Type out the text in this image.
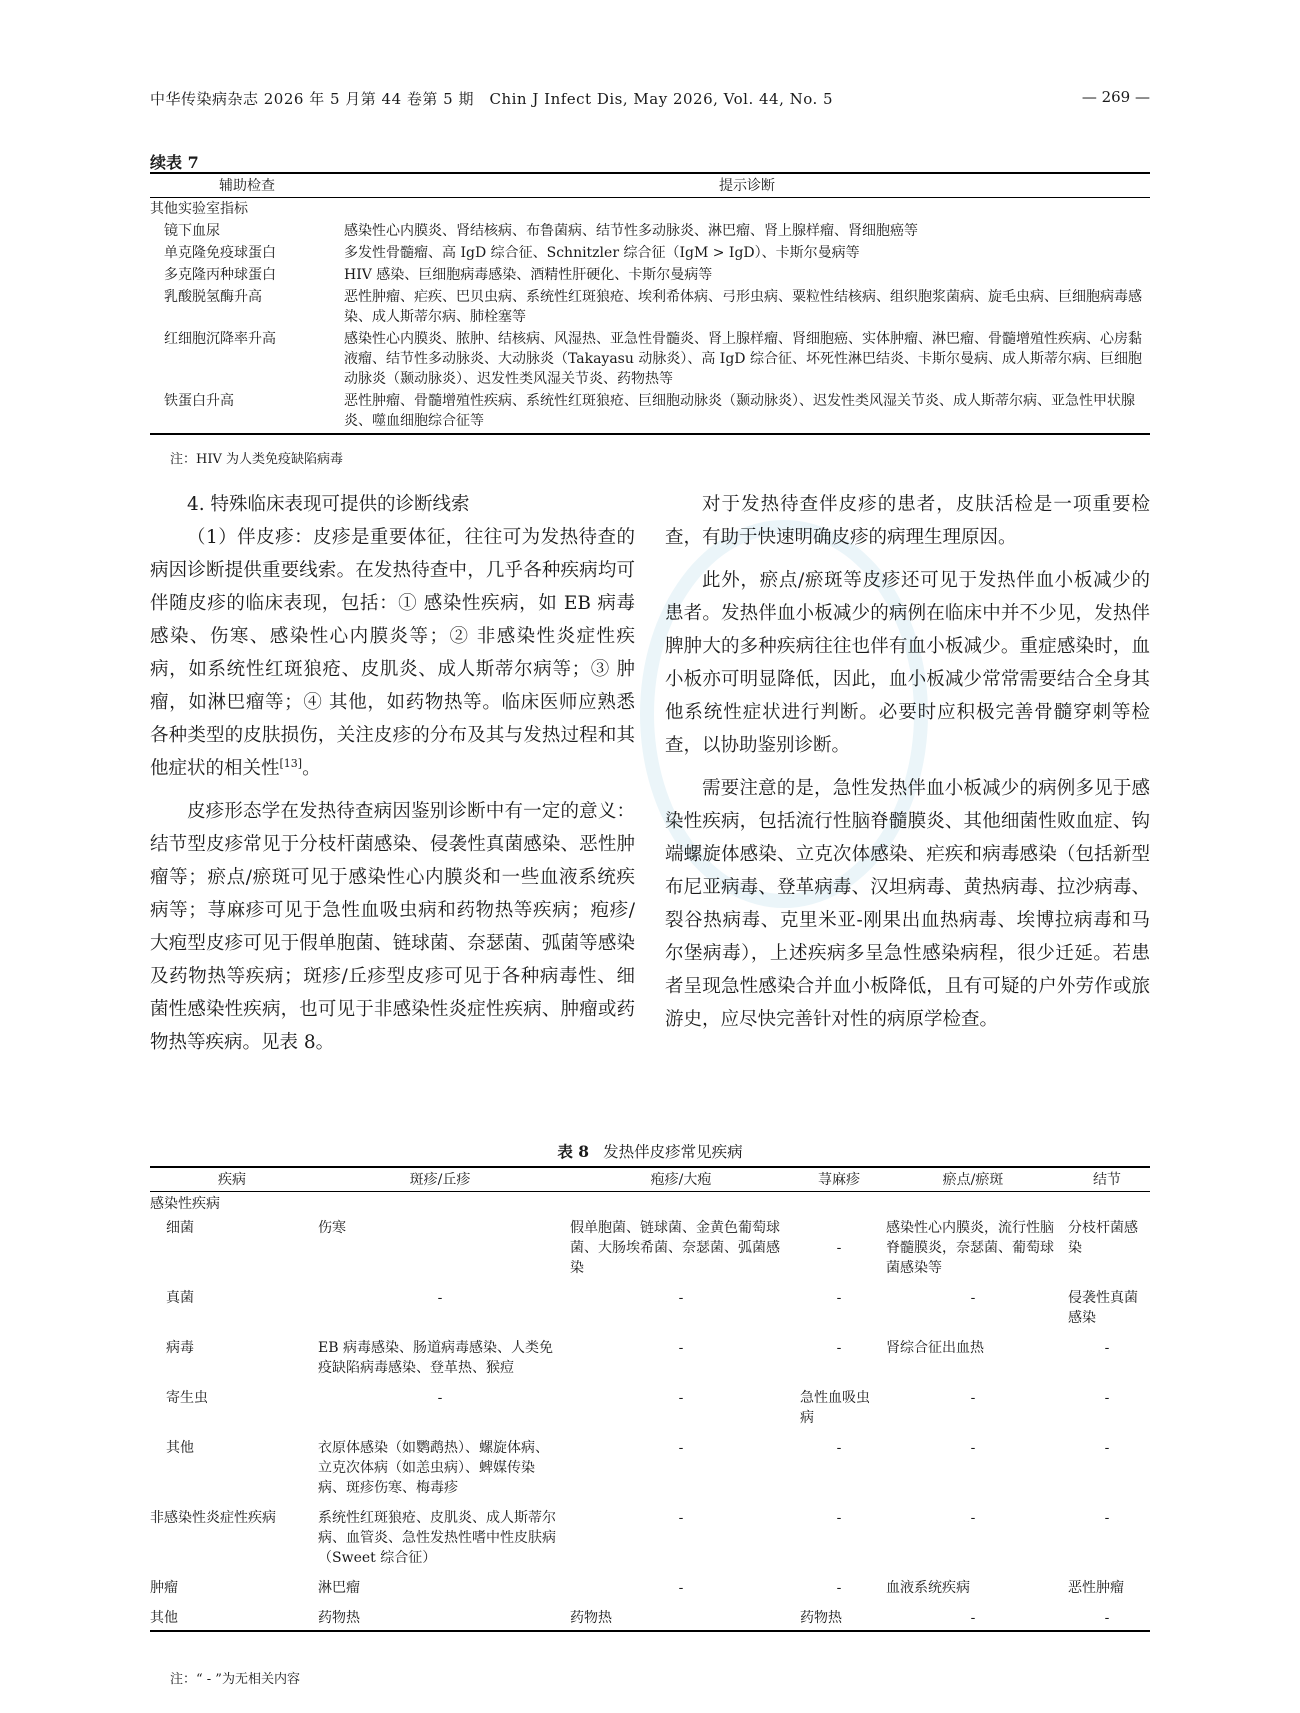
中华传染病杂志 2026 年 5 月第 44 卷第 5 期　Chin J Infect Dis, May 2026, Vol. 44, No. 5	— 269 —
续表 7
辅助检查	提示诊断
其他实验室指标	
镜下血尿	感染性心内膜炎、肾结核病、布鲁菌病、结节性多动脉炎、淋巴瘤、肾上腺样瘤、肾细胞癌等
单克隆免疫球蛋白	多发性骨髓瘤、高 IgD 综合征、Schnitzler 综合征（IgM > IgD）、卡斯尔曼病等
多克隆丙种球蛋白	HIV 感染、巨细胞病毒感染、酒精性肝硬化、卡斯尔曼病等
乳酸脱氢酶升高	恶性肿瘤、疟疾、巴贝虫病、系统性红斑狼疮、埃利希体病、弓形虫病、粟粒性结核病、组织胞浆菌病、旋毛虫病、巨细胞病毒感染、成人斯蒂尔病、肺栓塞等
红细胞沉降率升高	感染性心内膜炎、脓肿、结核病、风湿热、亚急性骨髓炎、肾上腺样瘤、肾细胞癌、实体肿瘤、淋巴瘤、骨髓增殖性疾病、心房黏液瘤、结节性多动脉炎、大动脉炎（Takayasu 动脉炎）、高 IgD 综合征、坏死性淋巴结炎、卡斯尔曼病、成人斯蒂尔病、巨细胞动脉炎（颞动脉炎）、迟发性类风湿关节炎、药物热等
铁蛋白升高	恶性肿瘤、骨髓增殖性疾病、系统性红斑狼疮、巨细胞动脉炎（颞动脉炎）、迟发性类风湿关节炎、成人斯蒂尔病、亚急性甲状腺炎、噬血细胞综合征等
注：HIV 为人类免疫缺陷病毒

4. 特殊临床表现可提供的诊断线索

（1）伴皮疹：皮疹是重要体征，往往可为发热待查的病因诊断提供重要线索。在发热待查中，几乎各种疾病均可伴随皮疹的临床表现，包括：① 感染性疾病，如 EB 病毒感染、伤寒、感染性心内膜炎等；② 非感染性炎症性疾病，如系统性红斑狼疮、皮肌炎、成人斯蒂尔病等；③ 肿瘤，如淋巴瘤等；④ 其他，如药物热等。临床医师应熟悉各种类型的皮肤损伤，关注皮疹的分布及其与发热过程和其他症状的相关性[13]。

皮疹形态学在发热待查病因鉴别诊断中有一定的意义：结节型皮疹常见于分枝杆菌感染、侵袭性真菌感染、恶性肿瘤等；瘀点/瘀斑可见于感染性心内膜炎和一些血液系统疾病等；荨麻疹可见于急性血吸虫病和药物热等疾病；疱疹/大疱型皮疹可见于假单胞菌、链球菌、奈瑟菌、弧菌等感染及药物热等疾病；斑疹/丘疹型皮疹可见于各种病毒性、细菌性感染性疾病，也可见于非感染性炎症性疾病、肿瘤或药物热等疾病。见表 8。

对于发热待查伴皮疹的患者，皮肤活检是一项重要检查，有助于快速明确皮疹的病理生理原因。

此外，瘀点/瘀斑等皮疹还可见于发热伴血小板减少的患者。发热伴血小板减少的病例在临床中并不少见，发热伴脾肿大的多种疾病往往也伴有血小板减少。重症感染时，血小板亦可明显降低，因此，血小板减少常常需要结合全身其他系统性症状进行判断。必要时应积极完善骨髓穿刺等检查，以协助鉴别诊断。

需要注意的是，急性发热伴血小板减少的病例多见于感染性疾病，包括流行性脑脊髓膜炎、其他细菌性败血症、钩端螺旋体感染、立克次体感染、疟疾和病毒感染（包括新型布尼亚病毒、登革病毒、汉坦病毒、黄热病毒、拉沙病毒、裂谷热病毒、克里米亚-刚果出血热病毒、埃博拉病毒和马尔堡病毒），上述疾病多呈急性感染病程，很少迁延。若患者呈现急性感染合并血小板降低，且有可疑的户外劳作或旅游史，应尽快完善针对性的病原学检查。

表 8 发热伴皮疹常见疾病
疾病	斑疹/丘疹	疱疹/大疱	荨麻疹	瘀点/瘀斑	结节
感染性疾病					
细菌	伤寒	假单胞菌、链球菌、金黄色葡萄球菌、大肠埃希菌、奈瑟菌、弧菌感染	-	感染性心内膜炎，流行性脑脊髓膜炎，奈瑟菌、葡萄球菌感染等	分枝杆菌感染
真菌	-	-	-	-	侵袭性真菌感染
病毒	EB 病毒感染、肠道病毒感染、人类免疫缺陷病毒感染、登革热、猴痘	-	-	肾综合征出血热	-
寄生虫	-	-	急性血吸虫病	-	-
其他	衣原体感染（如鹦鹉热）、螺旋体病、立克次体病（如恙虫病）、蜱媒传染病、斑疹伤寒、梅毒疹	-	-	-	-
非感染性炎症性疾病	系统性红斑狼疮、皮肌炎、成人斯蒂尔病、血管炎、急性发热性嗜中性皮肤病（Sweet 综合征）	-	-	-	-
肿瘤	淋巴瘤	-	-	血液系统疾病	恶性肿瘤
其他	药物热	药物热	药物热	-	-
注：“ - ”为无相关内容
